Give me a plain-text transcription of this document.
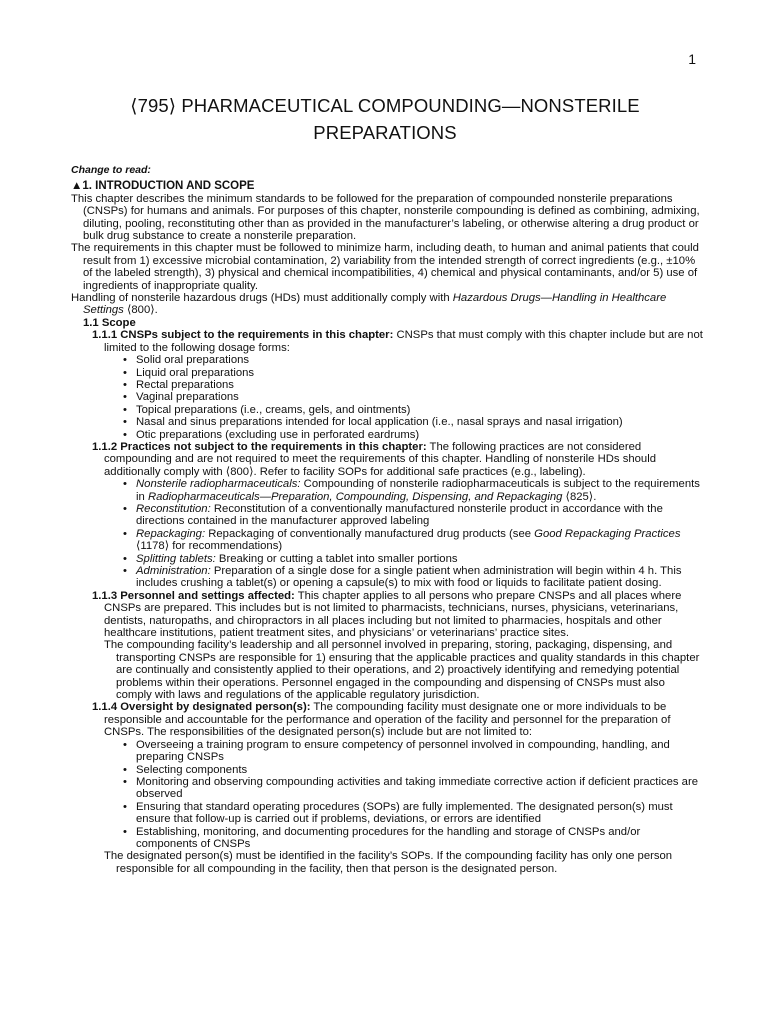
1
⟨795⟩ PHARMACEUTICAL COMPOUNDING—NONSTERILE
PREPARATIONS
Change to read:
▲1. INTRODUCTION AND SCOPE
This chapter describes the minimum standards to be followed for the preparation of compounded nonsterile preparations (CNSPs) for humans and animals. For purposes of this chapter, nonsterile compounding is defined as combining, admixing, diluting, pooling, reconstituting other than as provided in the manufacturer’s labeling, or otherwise altering a drug product or bulk drug substance to create a nonsterile preparation.
The requirements in this chapter must be followed to minimize harm, including death, to human and animal patients that could result from 1) excessive microbial contamination, 2) variability from the intended strength of correct ingredients (e.g., ±10% of the labeled strength), 3) physical and chemical incompatibilities, 4) chemical and physical contaminants, and/or 5) use of ingredients of inappropriate quality.
Handling of nonsterile hazardous drugs (HDs) must additionally comply with Hazardous Drugs—Handling in Healthcare Settings ⟨800⟩.
1.1 Scope
1.1.1 CNSPs subject to the requirements in this chapter: CNSPs that must comply with this chapter include but are not limited to the following dosage forms:
• Solid oral preparations
• Liquid oral preparations
• Rectal preparations
• Vaginal preparations
• Topical preparations (i.e., creams, gels, and ointments)
• Nasal and sinus preparations intended for local application (i.e., nasal sprays and nasal irrigation)
• Otic preparations (excluding use in perforated eardrums)
1.1.2 Practices not subject to the requirements in this chapter: The following practices are not considered compounding and are not required to meet the requirements of this chapter. Handling of nonsterile HDs should additionally comply with ⟨800⟩. Refer to facility SOPs for additional safe practices (e.g., labeling).
• Nonsterile radiopharmaceuticals: Compounding of nonsterile radiopharmaceuticals is subject to the requirements in Radiopharmaceuticals—Preparation, Compounding, Dispensing, and Repackaging ⟨825⟩.
• Reconstitution: Reconstitution of a conventionally manufactured nonsterile product in accordance with the directions contained in the manufacturer approved labeling
• Repackaging: Repackaging of conventionally manufactured drug products (see Good Repackaging Practices ⟨1178⟩ for recommendations)
• Splitting tablets: Breaking or cutting a tablet into smaller portions
• Administration: Preparation of a single dose for a single patient when administration will begin within 4 h. This includes crushing a tablet(s) or opening a capsule(s) to mix with food or liquids to facilitate patient dosing.
1.1.3 Personnel and settings affected: This chapter applies to all persons who prepare CNSPs and all places where CNSPs are prepared. This includes but is not limited to pharmacists, technicians, nurses, physicians, veterinarians, dentists, naturopaths, and chiropractors in all places including but not limited to pharmacies, hospitals and other healthcare institutions, patient treatment sites, and physicians’ or veterinarians’ practice sites.
The compounding facility’s leadership and all personnel involved in preparing, storing, packaging, dispensing, and transporting CNSPs are responsible for 1) ensuring that the applicable practices and quality standards in this chapter are continually and consistently applied to their operations, and 2) proactively identifying and remedying potential problems within their operations. Personnel engaged in the compounding and dispensing of CNSPs must also comply with laws and regulations of the applicable regulatory jurisdiction.
1.1.4 Oversight by designated person(s): The compounding facility must designate one or more individuals to be responsible and accountable for the performance and operation of the facility and personnel for the preparation of CNSPs. The responsibilities of the designated person(s) include but are not limited to:
• Overseeing a training program to ensure competency of personnel involved in compounding, handling, and preparing CNSPs
• Selecting components
• Monitoring and observing compounding activities and taking immediate corrective action if deficient practices are observed
• Ensuring that standard operating procedures (SOPs) are fully implemented. The designated person(s) must ensure that follow-up is carried out if problems, deviations, or errors are identified
• Establishing, monitoring, and documenting procedures for the handling and storage of CNSPs and/or components of CNSPs
The designated person(s) must be identified in the facility’s SOPs. If the compounding facility has only one person responsible for all compounding in the facility, then that person is the designated person.
